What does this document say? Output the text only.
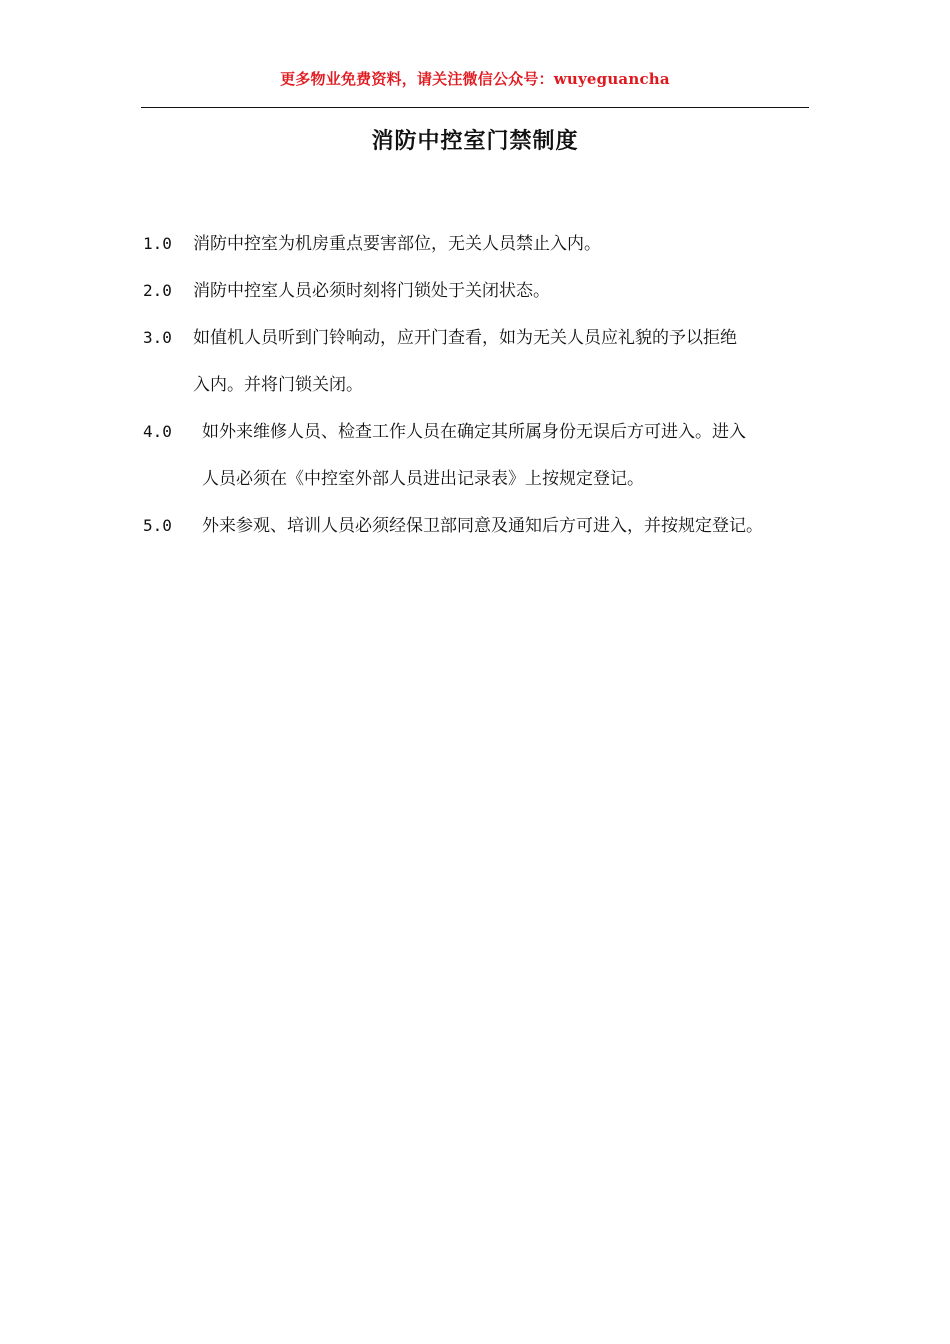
更多物业免费资料，请关注微信公众号：wuyeguancha
消防中控室门禁制度
1.0	消防中控室为机房重点要害部位，无关人员禁止入内。
2.0	消防中控室人员必须时刻将门锁处于关闭状态。
3.0	如值机人员听到门铃响动，应开门查看，如为无关人员应礼貌的予以拒绝
入内。并将门锁关闭。
4.0	如外来维修人员、检查工作人员在确定其所属身份无误后方可进入。进入
人员必须在《中控室外部人员进出记录表》上按规定登记。
5.0	外来参观、培训人员必须经保卫部同意及通知后方可进入，并按规定登记。
